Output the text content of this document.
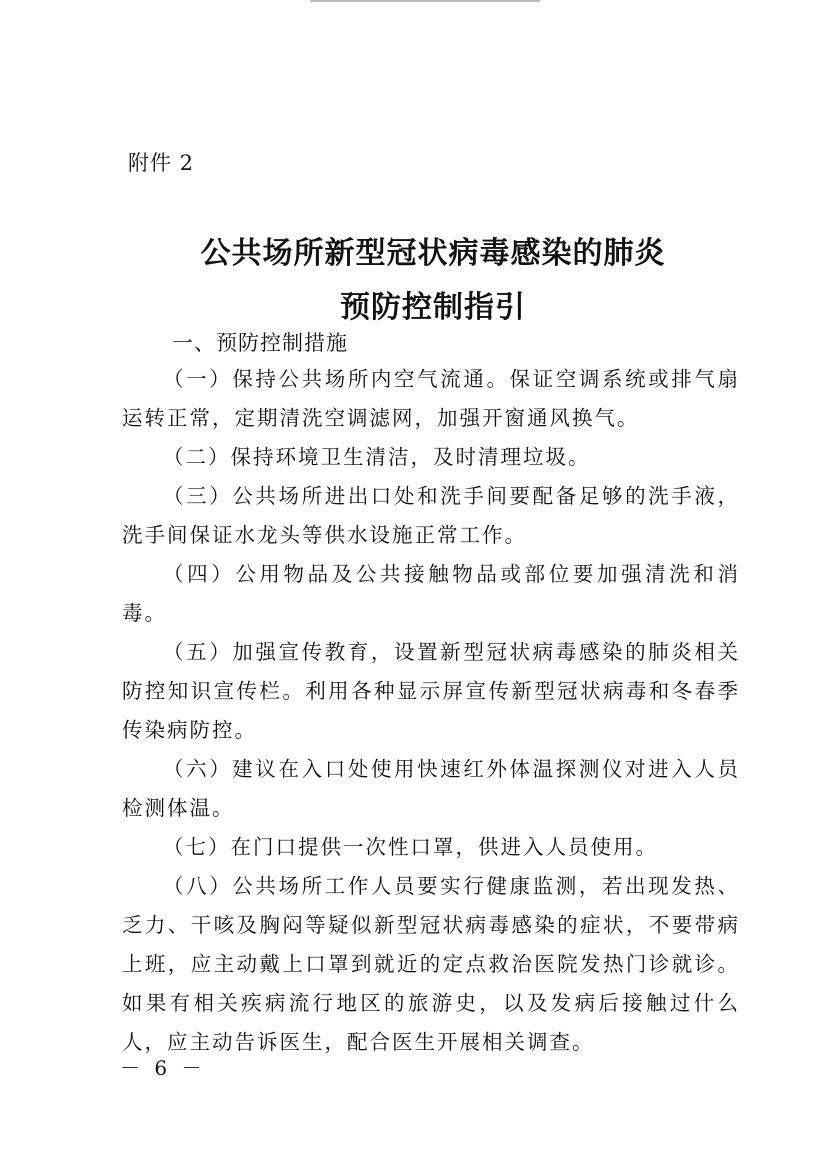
附件 2
公共场所新型冠状病毒感染的肺炎
预防控制指引
一、预防控制措施

（一）保持公共场所内空气流通。保证空调系统或排气扇运转正常，定期清洗空调滤网，加强开窗通风换气。

（二）保持环境卫生清洁，及时清理垃圾。

（三）公共场所进出口处和洗手间要配备足够的洗手液，洗手间保证水龙头等供水设施正常工作。

（四）公用物品及公共接触物品或部位要加强清洗和消毒。

（五）加强宣传教育，设置新型冠状病毒感染的肺炎相关防控知识宣传栏。利用各种显示屏宣传新型冠状病毒和冬春季传染病防控。

（六）建议在入口处使用快速红外体温探测仪对进入人员检测体温。

（七）在门口提供一次性口罩，供进入人员使用。

（八）公共场所工作人员要实行健康监测，若出现发热、乏力、干咳及胸闷等疑似新型冠状病毒感染的症状，不要带病上班，应主动戴上口罩到就近的定点救治医院发热门诊就诊。如果有相关疾病流行地区的旅游史，以及发病后接触过什么人，应主动告诉医生，配合医生开展相关调查。

－ 6 －
